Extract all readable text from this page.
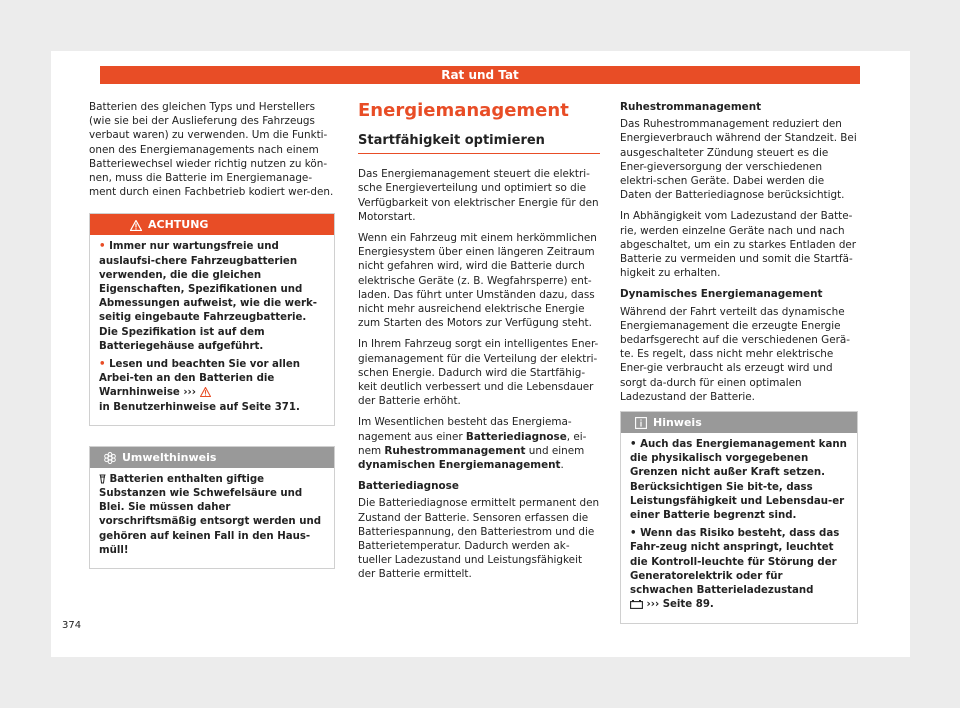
Rat und Tat

Batterien des gleichen Typs und Herstellers (wie sie bei der Auslieferung des Fahrzeugs verbaut waren) zu verwenden. Um die Funkti-onen des Energiemanagements nach einem Batteriewechsel wieder richtig nutzen zu kön-nen, muss die Batterie im Energiemanage-ment durch einen Fachbetrieb kodiert wer-den.

ACHTUNG

• Immer nur wartungsfreie und auslaufsi-chere Fahrzeugbatterien verwenden, die die gleichen Eigenschaften, Spezifikationen und Abmessungen aufweist, wie die werk-seitig eingebaute Fahrzeugbatterie. Die Spezifikation ist auf dem Batteriegehäuse aufgeführt.

• Lesen und beachten Sie vor allen Arbei-ten an den Batterien die Warnhinweise ›››
in Benutzerhinweise auf Seite 371.

Umwelthinweis

Batterien enthalten giftige Substanzen wie Schwefelsäure und Blei. Sie müssen daher vorschriftsmäßig entsorgt werden und gehören auf keinen Fall in den Haus-müll!

Energiemanagement
Startfähigkeit optimieren

Das Energiemanagement steuert die elektri-sche Energieverteilung und optimiert so die Verfügbarkeit von elektrischer Energie für den Motorstart.

Wenn ein Fahrzeug mit einem herkömmlichen Energiesystem über einen längeren Zeitraum nicht gefahren wird, wird die Batterie durch elektrische Geräte (z. B. Wegfahrsperre) ent-laden. Das führt unter Umständen dazu, dass nicht mehr ausreichend elektrische Energie zum Starten des Motors zur Verfügung steht.

In Ihrem Fahrzeug sorgt ein intelligentes Ener-giemanagement für die Verteilung der elektri-schen Energie. Dadurch wird die Startfähig-keit deutlich verbessert und die Lebensdauer der Batterie erhöht.

Im Wesentlichen besteht das Energiema-nagement aus einer Batteriediagnose, ei-nem Ruhestrommanagement und einem dynamischen Energiemanagement.

Batteriediagnose

Die Batteriediagnose ermittelt permanent den Zustand der Batterie. Sensoren erfassen die Batteriespannung, den Batteriestrom und die Batterietemperatur. Dadurch werden ak-tueller Ladezustand und Leistungsfähigkeit der Batterie ermittelt.

Ruhestrommanagement

Das Ruhestrommanagement reduziert den Energieverbrauch während der Standzeit. Bei ausgeschalteter Zündung steuert es die Ener-gieversorgung der verschiedenen elektri-schen Geräte. Dabei werden die Daten der Batteriediagnose berücksichtigt.

In Abhängigkeit vom Ladezustand der Batte-rie, werden einzelne Geräte nach und nach abgeschaltet, um ein zu starkes Entladen der Batterie zu vermeiden und somit die Startfä-higkeit zu erhalten.

Dynamisches Energiemanagement

Während der Fahrt verteilt das dynamische Energiemanagement die erzeugte Energie bedarfsgerecht auf die verschiedenen Gerä-te. Es regelt, dass nicht mehr elektrische Ener-gie verbraucht als erzeugt wird und sorgt da-durch für einen optimalen Ladezustand der Batterie.

Hinweis

• Auch das Energiemanagement kann die physikalisch vorgegebenen Grenzen nicht außer Kraft setzen. Berücksichtigen Sie bit-te, dass Leistungsfähigkeit und Lebensdau-er einer Batterie begrenzt sind.

• Wenn das Risiko besteht, dass das Fahr-zeug nicht anspringt, leuchtet die Kontroll-leuchte für Störung der Generatorelektrik oder für schwachen Batterieladezustand
››› Seite 89.

374
